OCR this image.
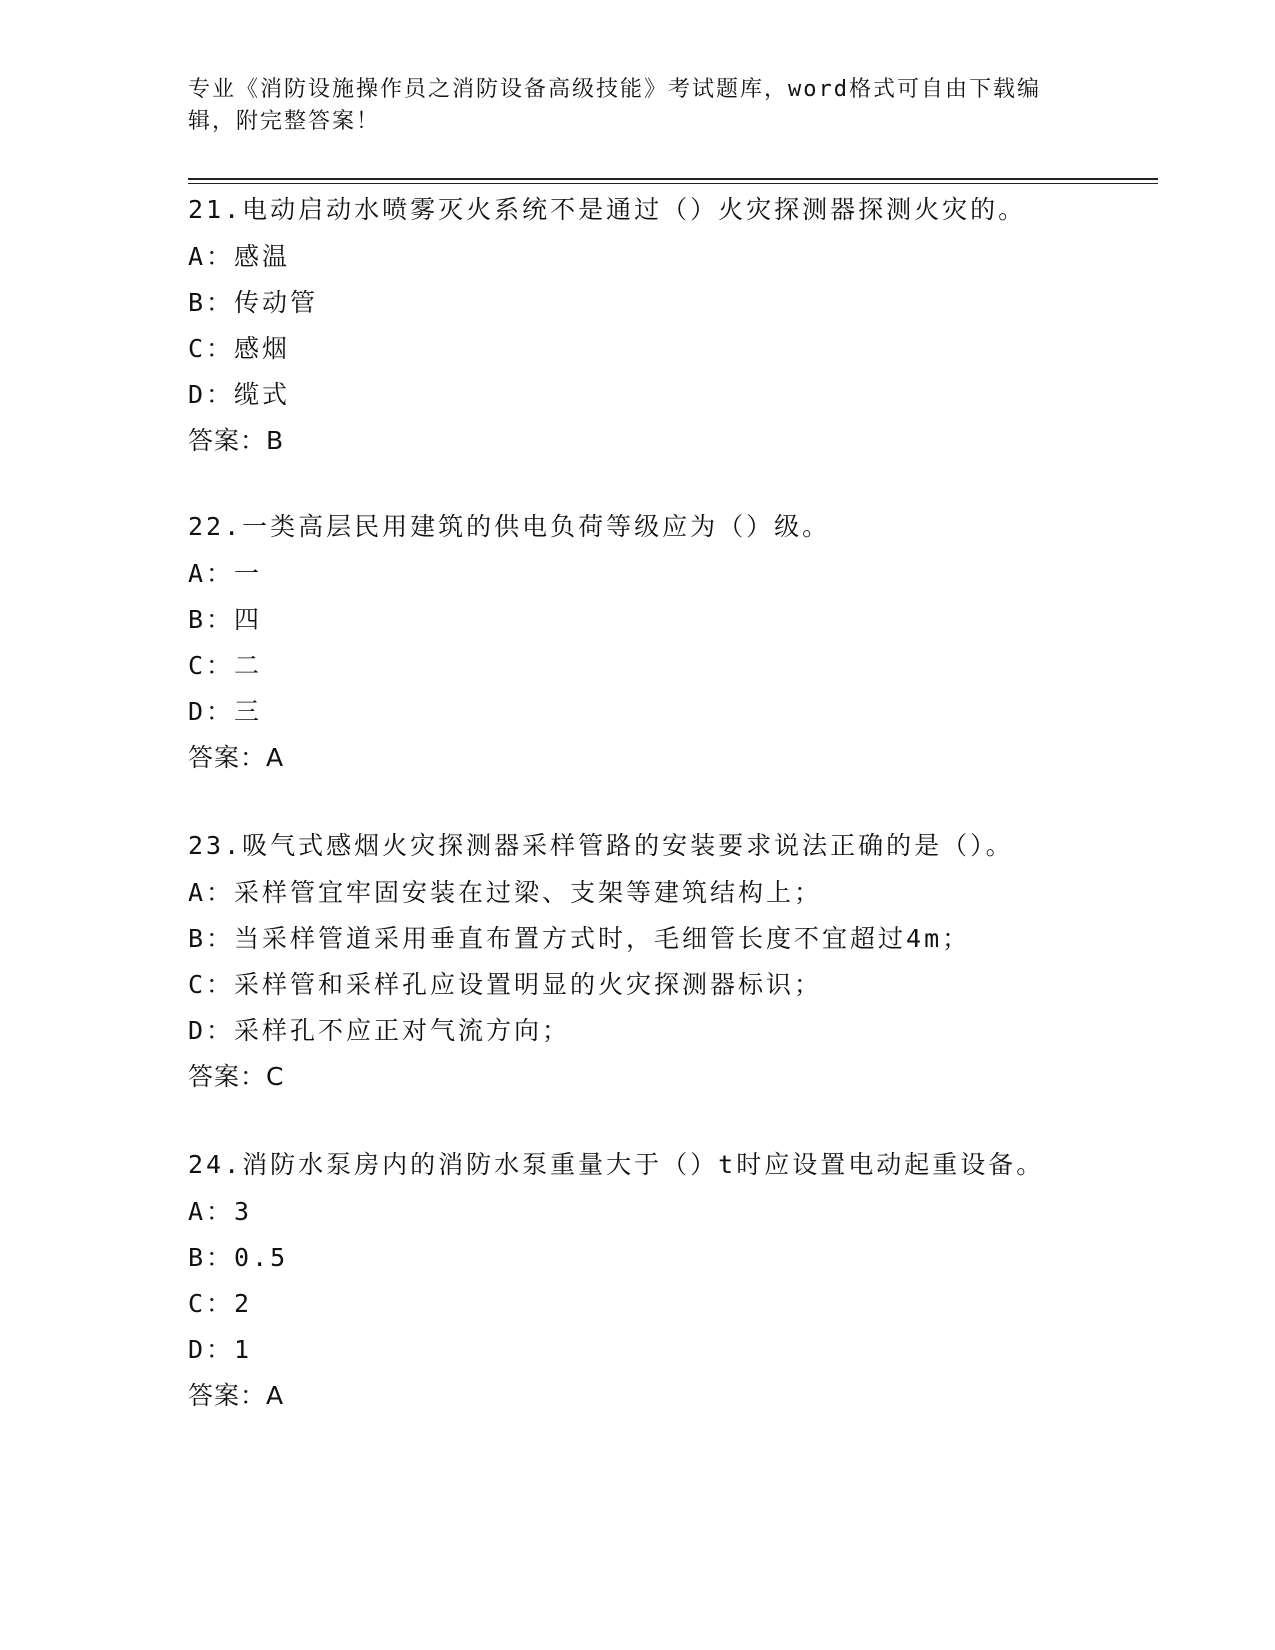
专业《消防设施操作员之消防设备高级技能》考试题库，word格式可自由下载编
辑，附完整答案！
21.电动启动水喷雾灭火系统不是通过（）火灾探测器探测火灾的。
A：感温
B：传动管
C：感烟
D：缆式
答案：B
22.一类高层民用建筑的供电负荷等级应为（）级。
A：一
B：四
C：二
D：三
答案：A
23.吸气式感烟火灾探测器采样管路的安装要求说法正确的是（）。
A：采样管宜牢固安装在过梁、支架等建筑结构上；
B：当采样管道采用垂直布置方式时，毛细管长度不宜超过4m；
C：采样管和采样孔应设置明显的火灾探测器标识；
D：采样孔不应正对气流方向；
答案：C
24.消防水泵房内的消防水泵重量大于（）t时应设置电动起重设备。
A：3
B：0.5
C：2
D：1
答案：A
